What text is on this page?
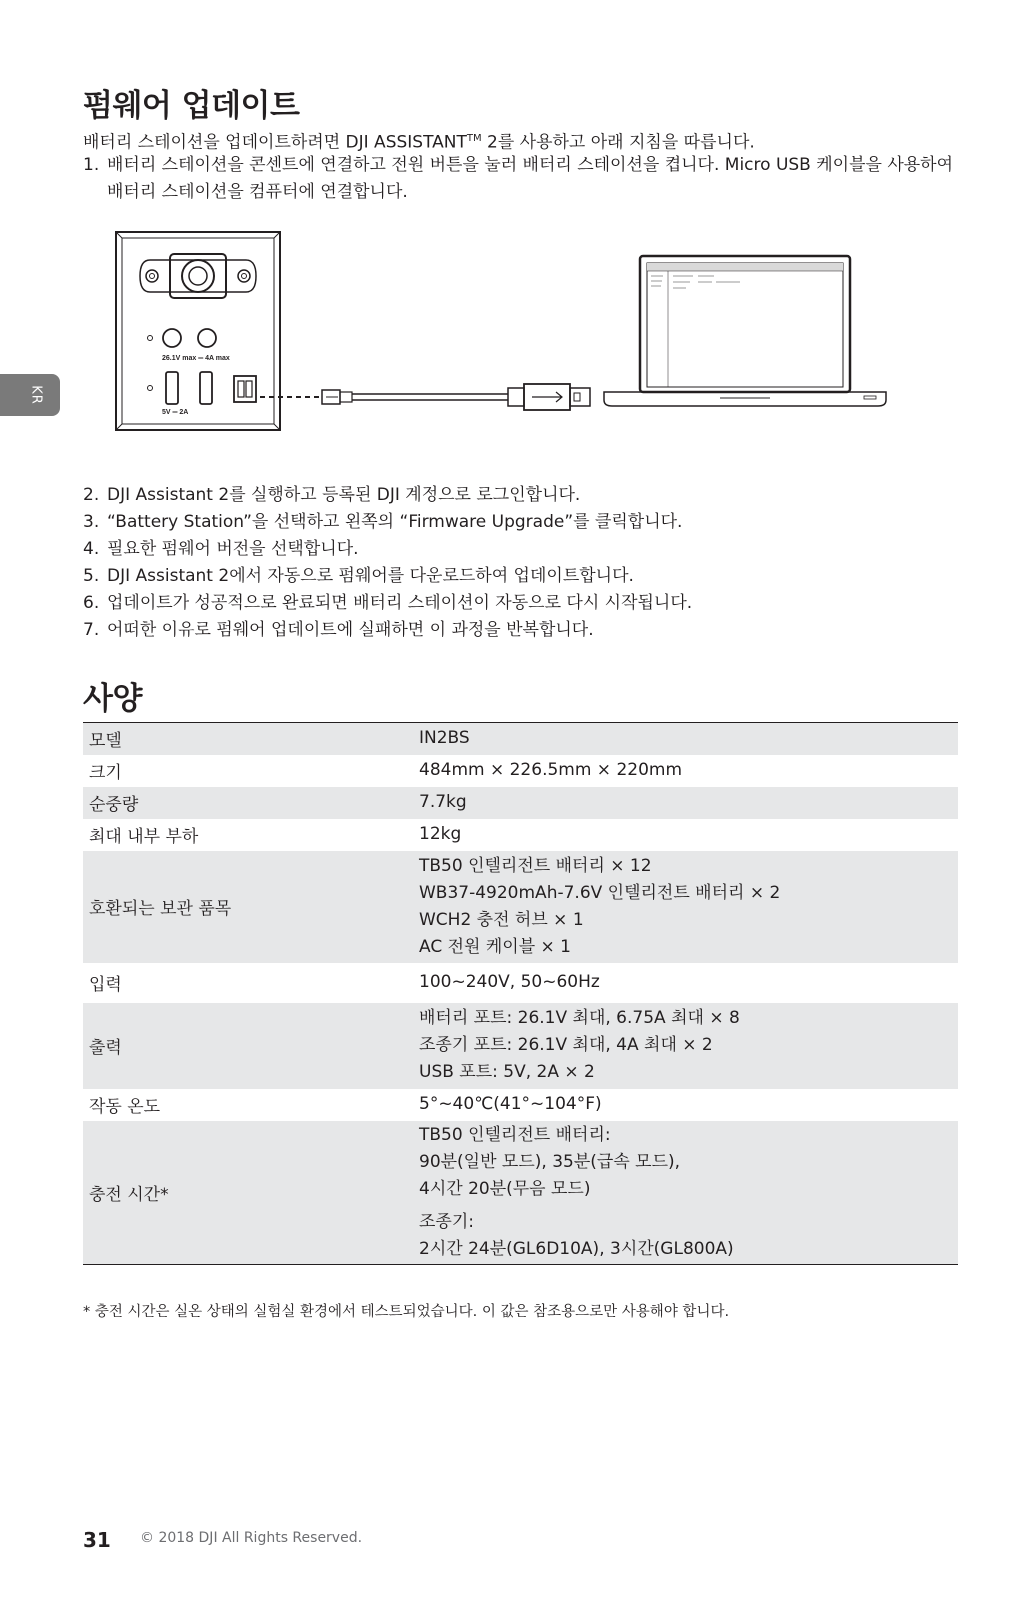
KR
펌웨어 업데이트

배터리 스테이션을 업데이트하려면 DJI ASSISTANT™ 2를 사용하고 아래 지침을 따릅니다.

1. 배터리 스테이션을 콘센트에 연결하고 전원 버튼을 눌러 배터리 스테이션을 켭니다. Micro USB 케이블을 사용하여 배터리 스테이션을 컴퓨터에 연결합니다.
26.1V max ═ 4A max
5V ═ 2A
2. DJI Assistant 2를 실행하고 등록된 DJI 계정으로 로그인합니다.
3. “Battery Station”을 선택하고 왼쪽의 “Firmware Upgrade”를 클릭합니다.
4. 필요한 펌웨어 버전을 선택합니다.
5. DJI Assistant 2에서 자동으로 펌웨어를 다운로드하여 업데이트합니다.
6. 업데이트가 성공적으로 완료되면 배터리 스테이션이 자동으로 다시 시작됩니다.
7. 어떠한 이유로 펌웨어 업데이트에 실패하면 이 과정을 반복합니다.
사양
모델	IN2BS

크기	484mm × 226.5mm × 220mm

순중량	7.7kg

최대 내부 부하	12kg

호환되는 보관 품목	TB50 인텔리전트 배터리 × 12
WB37-4920mAh-7.6V 인텔리전트 배터리 × 2
WCH2 충전 허브 × 1
AC 전원 케이블 × 1

입력	100~240V, 50~60Hz

출력	배터리 포트: 26.1V 최대, 6.75A 최대 × 8
조종기 포트: 26.1V 최대, 4A 최대 × 2
USB 포트: 5V, 2A × 2

작동 온도	5°~40℃(41°~104°F)

충전 시간*	TB50 인텔리전트 배터리:
90분(일반 모드), 35분(급속 모드),
4시간 20분(무음 모드)
조종기:
2시간 24분(GL6D10A), 3시간(GL800A)

* 충전 시간은 실온 상태의 실험실 환경에서 테스트되었습니다. 이 값은 참조용으로만 사용해야 합니다.

31 © 2018 DJI All Rights Reserved.
